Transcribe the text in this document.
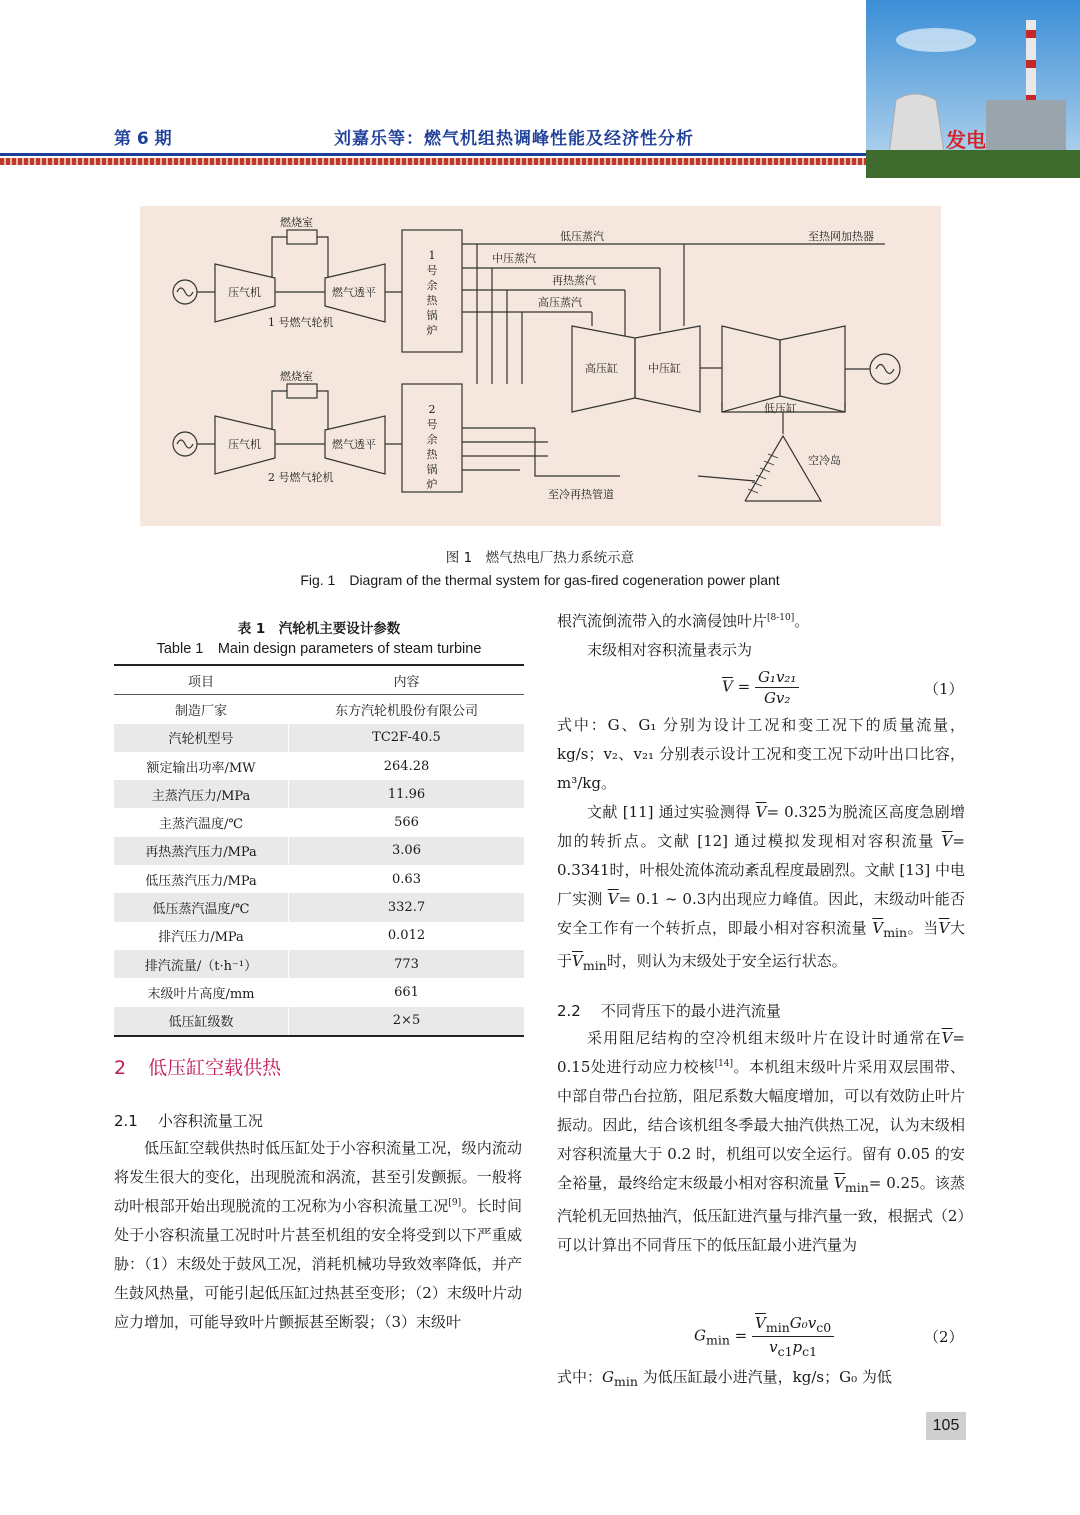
第 6 期	刘嘉乐等：燃气机组热调峰性能及经济性分析	发电
燃烧室
压气机	燃气透平
1 号燃气轮机
燃烧室
压气机	燃气透平
2 号燃气轮机
低压蒸汽	至热网加热器
中压蒸汽
再热蒸汽
高压蒸汽
高压缸	中压缸
低压缸
空冷岛
至冷再热管道
1号余热锅炉
2号余热锅炉
图 1　燃气热电厂热力系统示意
Fig. 1　Diagram of the thermal system for gas-fired cogeneration power plant
表 1　汽轮机主要设计参数
Table 1　Main design parameters of steam turbine
项目	内容
制造厂家	东方汽轮机股份有限公司
汽轮机型号	TC2F-40.5
额定输出功率/MW	264.28
主蒸汽压力/MPa	11.96
主蒸汽温度/℃	566
再热蒸汽压力/MPa	3.06
低压蒸汽压力/MPa	0.63
低压蒸汽温度/℃	332.7
排汽压力/MPa	0.012
排汽流量/（t·h⁻¹）	773
末级叶片高度/mm	661
低压缸级数	2×5
2 低压缸空载供热
2.1 小容积流量工况

低压缸空载供热时低压缸处于小容积流量工况，级内流动将发生很大的变化，出现脱流和涡流，甚至引发颤振。一般将动叶根部开始出现脱流的工况称为小容积流量工况[9]。长时间处于小容积流量工况时叶片甚至机组的安全将受到以下严重威胁：（1）末级处于鼓风工况，消耗机械功导致效率降低，并产生鼓风热量，可能引起低压缸过热甚至变形；（2）末级叶片动应力增加，可能导致叶片颤振甚至断裂；（3）末级叶

根汽流倒流带入的水滴侵蚀叶片[8-10]。

末级相对容积流量表示为

$\overline{V} = \frac{\text{G₁v₂₁}}{\text{Gv₂}}$	（1）

式中：G、G₁ 分别为设计工况和变工况下的质量流量，kg/s；v₂、v₂₁ 分别表示设计工况和变工况下动叶出口比容，m³/kg。

文献 [11] 通过实验测得 $\overline{V}= 0.325$为脱流区高度急剧增加的转折点。文献 [12] 通过模拟发现相对容积流量 $\overline{V}= 0.3341$时，叶根处流体流动紊乱程度最剧烈。文献 [13] 中电厂实测 $\overline{V}= 0.1$ ~ 0.3内出现应力峰值。因此，末级动叶能否安全工作有一个转折点，即最小相对容积流量 $\overline{V}_{min}$。当$\overline{V}$大于$\overline{V}_{min}$时，则认为末级处于安全运行状态。

2.2 不同背压下的最小进汽流量

采用阻尼结构的空冷机组末级叶片在设计时通常在$\overline{V}= 0.15$处进行动应力校核[14]。本机组末级叶片采用双层围带、中部自带凸台拉筋，阻尼系数大幅度增加，可以有效防止叶片振动。因此，结合该机组冬季最大抽汽供热工况，认为末级相对容积流量大于 0.2 时，机组可以安全运行。留有 0.05 的安全裕量，最终给定末级最小相对容积流量 $\overline{V}_{min}= 0.25$。该蒸汽轮机无回热抽汽，低压缸进汽量与排汽量一致，根据式（2）可以计算出不同背压下的低压缸最小进汽量为

$G_{min} = \frac{\overline{V}_{min}G_0v_{c0}}{v_{c1}p_{c1}}$	（2）

式中：$G_{min}$ 为低压缸最小进汽量，kg/s；G₀ 为低

105
